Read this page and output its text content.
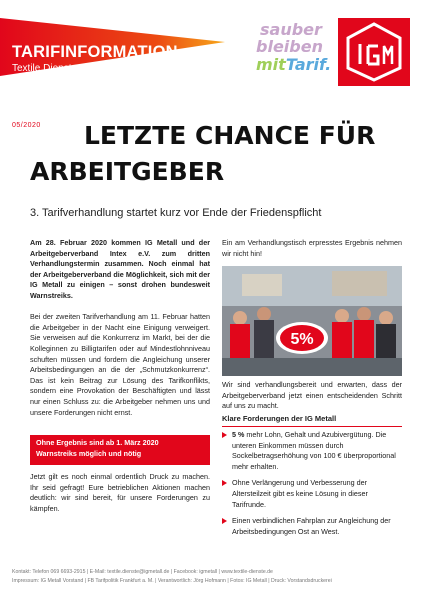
TARIFINFORMATION
Textile Dienste
sauber
bleiben
mitTarif.
05/2020	LETZTE CHANCE FÜR
ARBEITGEBER
3. Tarifverhandlung startet kurz vor Ende der Friedenspflicht

Am 28. Februar 2020 kommen IG Metall und der Arbeitgeberverband Intex e.V. zum dritten Verhandlungstermin zusammen. Noch einmal hat der Arbeitgeberverband die Möglichkeit, sich mit der IG Metall zu einigen – sonst drohen bundesweit Warnstreiks.

Bei der zweiten Tarifverhandlung am 11. Februar hatten die Arbeitgeber in der Nacht eine Einigung verweigert. Sie verweisen auf die Konkurrenz im Markt, bei der die Kolleginnen zu Billigtarifen oder auf Mindestlohnniveau schuften müssen und fordern die Angleichung unserer Arbeitsbedingungen an die der „Schmutzkonkurrenz“. Das ist kein Beitrag zur Lösung des Tarifkonflikts, sondern eine Provokation der Beschäftigten und lässt nur einen Schluss zu: die Arbeitgeber nehmen uns und unsere Forderungen nicht ernst.

Ohne Ergebnis sind ab 1. März 2020
Warnstreiks möglich und nötig
Jetzt gilt es noch einmal ordentlich Druck zu machen. Ihr seid gefragt! Eure betrieblichen Aktionen machen deutlich: wir sind bereit, für unsere Forderungen zu kämpfen.

Ein am Verhandlungstisch erpresstes Ergebnis nehmen wir nicht hin!

5%

Wir sind verhandlungsbereit und erwarten, dass der Arbeitgeberverband jetzt einen entscheidenden Schritt auf uns zu macht.

Klare Forderungen der IG Metall
5 % mehr Lohn, Gehalt und Azubivergütung. Die unteren Einkommen müssen durch Sockelbetragserhöhung von 100 € überproportional mehr erhalten.
Ohne Verlängerung und Verbesserung der Altersteilzeit gibt es keine Lösung in dieser Tarifrunde.
Einen verbindlichen Fahrplan zur Angleichung der Arbeitsbedingungen Ost an West.
Kontakt: Telefon 069 6693-2915 | E-Mail: textile.dienste@igmetall.de | Facebook: igmetall | www.textile-dienste.de
Impressum: IG Metall Vorstand | FB Tarifpolitik Frankfurt a. M. | Verantwortlich: Jörg Hofmann | Fotos: IG Metall | Druck: Vorstandsdruckerei
